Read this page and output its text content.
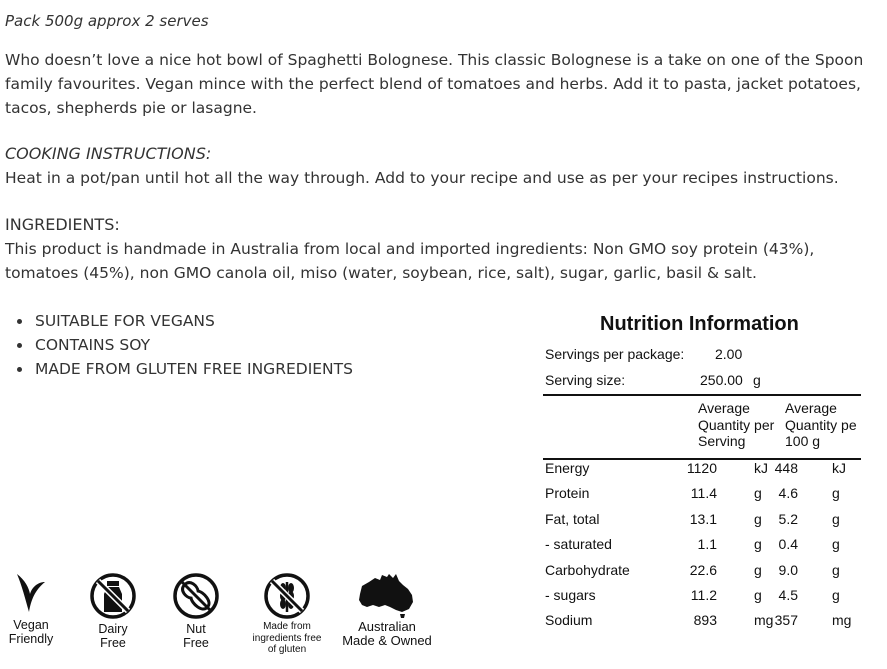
Pack 500g approx 2 serves

Who doesn’t love a nice hot bowl of Spaghetti Bolognese. This classic Bolognese is a take on one of the Spoon family favourites. Vegan mince with the perfect blend of tomatoes and herbs. Add it to pasta, jacket potatoes, tacos, shepherds pie or lasagne.

COOKING INSTRUCTIONS:

Heat in a pot/pan until hot all the way through. Add to your recipe and use as per your recipes instructions.

INGREDIENTS:

This product is handmade in Australia from local and imported ingredients: Non GMO soy protein (43%), tomatoes (45%), non GMO canola oil, miso (water, soybean, rice, salt), sugar, garlic, basil & salt.

SUITABLE FOR VEGANS
CONTAINS SOY
MADE FROM GLUTEN FREE INGREDIENTS
Nutrition Information
Servings per package: 2.00
Serving size:	250.00 g
Average
Quantity per
Serving
Average
Quantity pe
100 g
Energy	1120	kJ 448 kJ
Protein	11.4	g	4.6 g
Fat, total	13.1	g	5.2 g
- saturated	1.1	g	0.4 g
Carbohydrate	22.6	g	9.0 g
- sugars	11.2	g	4.5 g
Sodium	893	mg 357 mg
Vegan
Friendly
Dairy
Free
Nut
Free
Made from
ingredients free
of gluten
Australian
Made & Owned
